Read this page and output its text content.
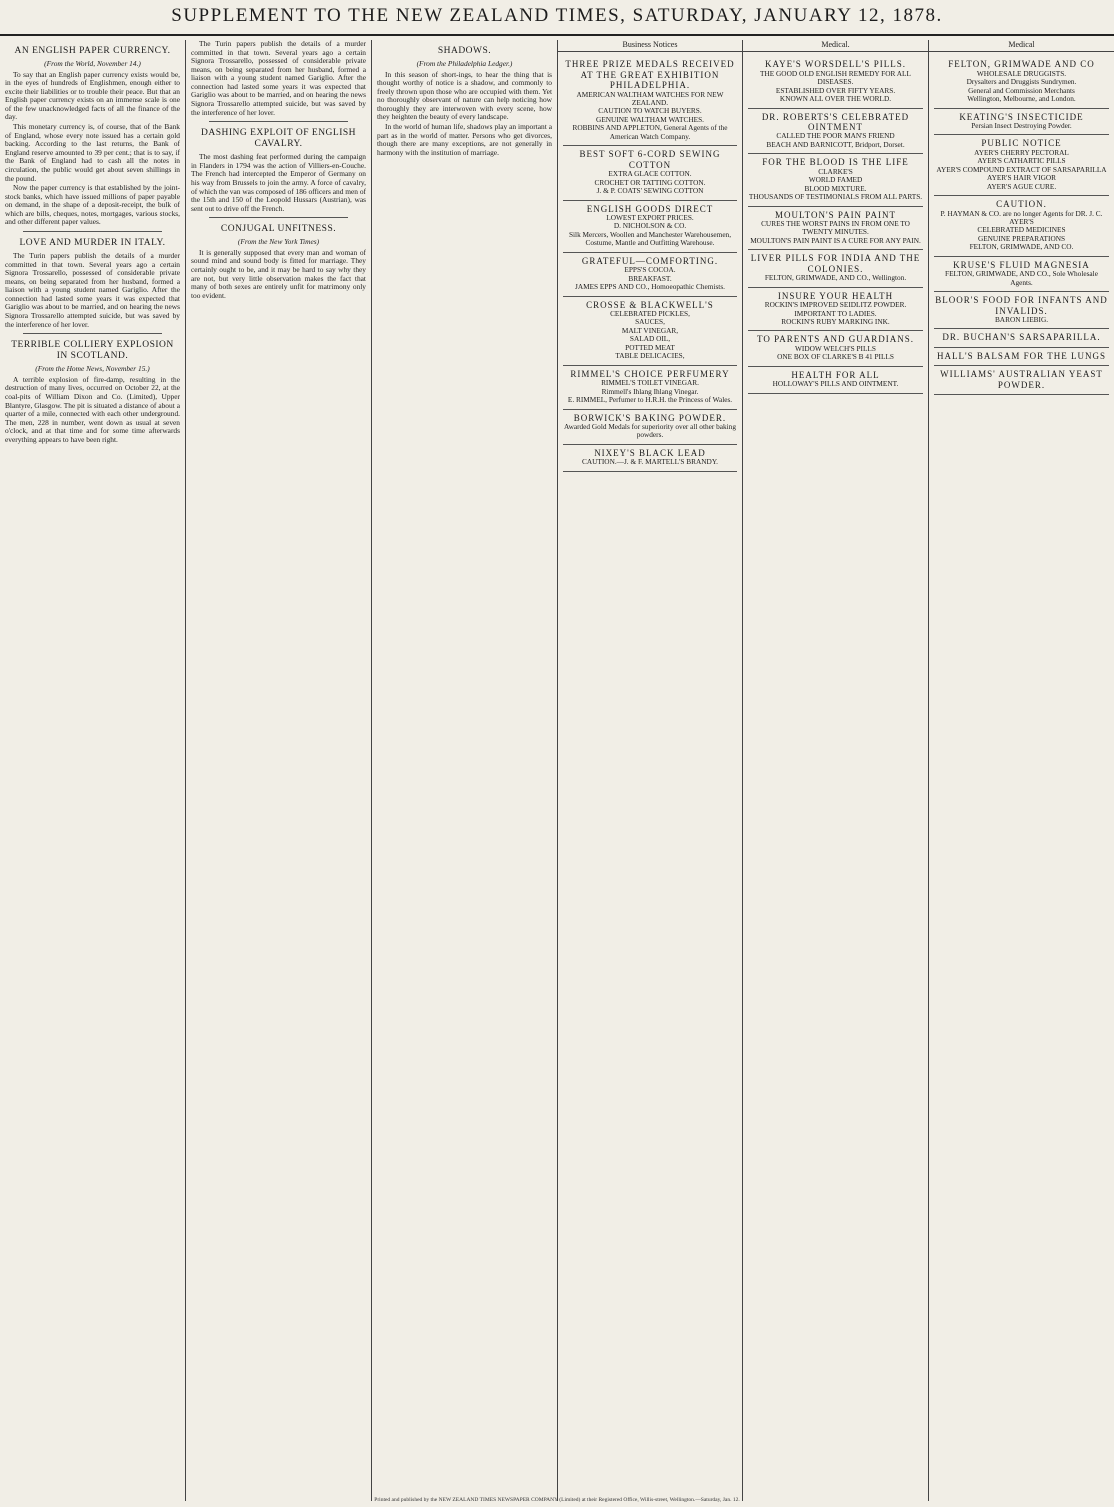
SUPPLEMENT TO THE NEW ZEALAND TIMES, SATURDAY, JANUARY 12, 1878.
AN ENGLISH PAPER CURRENCY.
(From the World, November 14.)

To say that an English paper currency exists would be, in the eyes of hundreds of Englishmen, enough either to excite their liabilities or to trouble their peace. But that an English paper currency exists on an immense scale is one of the few unacknowledged facts of all the finance of the day.

This monetary currency is, of course, that of the Bank of England, whose every note issued has a certain gold backing. According to the last returns, the Bank of England reserve amounted to 39 per cent.; that is to say, if the Bank of England had to cash all the notes in circulation, the public would get about seven shillings in the pound.

Now the paper currency is that established by the joint-stock banks, which have issued millions of paper payable on demand, in the shape of a deposit-receipt, the bulk of which are bills, cheques, notes, mortgages, various stocks, and other different paper values.

LOVE AND MURDER IN ITALY.

The Turin papers publish the details of a murder committed in that town. Several years ago a certain Signora Trossarello, possessed of considerable private means, on being separated from her husband, formed a liaison with a young student named Gariglio. After the connection had lasted some years it was expected that Gariglio was about to be married, and on hearing the news Signora Trossarello attempted suicide, but was saved by the interference of her lover.

TERRIBLE COLLIERY EXPLOSION IN SCOTLAND.
(From the Home News, November 15.)

A terrible explosion of fire-damp, resulting in the destruction of many lives, occurred on October 22, at the coal-pits of William Dixon and Co. (Limited), Upper Blantyre, Glasgow. The pit is situated a distance of about a quarter of a mile, connected with each other underground. The men, 228 in number, went down as usual at seven o'clock, and at that time and for some time afterwards everything appears to have been right.

The Turin papers publish the details of a murder committed in that town. Several years ago a certain Signora Trossarello, possessed of considerable private means, on being separated from her husband, formed a liaison with a young student named Gariglio. After the connection had lasted some years it was expected that Gariglio was about to be married, and on hearing the news Signora Trossarello attempted suicide, but was saved by the interference of her lover.

DASHING EXPLOIT OF ENGLISH CAVALRY.

The most dashing feat performed during the campaign in Flanders in 1794 was the action of Villiers-en-Couche. The French had intercepted the Emperor of Germany on his way from Brussels to join the army. A force of cavalry, of which the van was composed of 186 officers and men of the 15th and 150 of the Leopold Hussars (Austrian), was sent out to drive off the French.

CONJUGAL UNFITNESS.
(From the New York Times)

It is generally supposed that every man and woman of sound mind and sound body is fitted for marriage. They certainly ought to be, and it may be hard to say why they are not, but very little observation makes the fact that many of both sexes are entirely unfit for matrimony only too evident.

SHADOWS.
(From the Philadelphia Ledger.)

In this season of short-ings, to hear the thing that is thought worthy of notice is a shadow, and commonly to freely thrown upon those who are occupied with them. Yet no thoroughly observant of nature can help noticing how thoroughly they are interwoven with every scene, how they heighten the beauty of every landscape.

In the world of human life, shadows play an important a part as in the world of matter. Persons who get divorces, though there are many exceptions, are not generally in harmony with the institution of marriage.

Business Notices
THREE PRIZE MEDALS RECEIVED AT THE GREAT EXHIBITION PHILADELPHIA.
AMERICAN WALTHAM WATCHES FOR NEW ZEALAND.
CAUTION TO WATCH BUYERS.
GENUINE WALTHAM WATCHES.
ROBBINS AND APPLETON, General Agents of the American Watch Company.
BEST SOFT 6-CORD SEWING COTTON
EXTRA GLACE COTTON.
CROCHET OR TATTING COTTON.
J. & P. COATS' SEWING COTTON
ENGLISH GOODS DIRECT
LOWEST EXPORT PRICES.
D. NICHOLSON & CO.
Silk Mercers, Woollen and Manchester Warehousemen, Costume, Mantle and Outfitting Warehouse.
GRATEFUL—COMFORTING.
EPPS'S COCOA.
BREAKFAST.
JAMES EPPS AND CO., Homoeopathic Chemists.
CROSSE & BLACKWELL'S
CELEBRATED PICKLES,
SAUCES,
MALT VINEGAR,
SALAD OIL,
POTTED MEAT
TABLE DELICACIES,
RIMMEL'S CHOICE PERFUMERY
RIMMEL'S TOILET VINEGAR.
Rimmell's Ihlang Ihlang Vinegar.
E. RIMMEL, Perfumer to H.R.H. the Princess of Wales.
BORWICK'S BAKING POWDER.
Awarded Gold Medals for superiority over all other baking powders.
NIXEY'S BLACK LEAD
CAUTION.—J. & F. MARTELL'S BRANDY.
Medical.
KAYE'S WORSDELL'S PILLS.
THE GOOD OLD ENGLISH REMEDY FOR ALL DISEASES.
ESTABLISHED OVER FIFTY YEARS.
KNOWN ALL OVER THE WORLD.
DR. ROBERTS'S CELEBRATED OINTMENT
CALLED THE POOR MAN'S FRIEND
BEACH AND BARNICOTT, Bridport, Dorset.
FOR THE BLOOD IS THE LIFE
CLARKE'S
WORLD FAMED
BLOOD MIXTURE.
THOUSANDS OF TESTIMONIALS FROM ALL PARTS.
MOULTON'S PAIN PAINT
CURES THE WORST PAINS IN FROM ONE TO TWENTY MINUTES.
MOULTON'S PAIN PAINT IS A CURE FOR ANY PAIN.
LIVER PILLS FOR INDIA AND THE COLONIES.
FELTON, GRIMWADE, AND CO., Wellington.
INSURE YOUR HEALTH
ROCKIN'S IMPROVED SEIDLITZ POWDER.
IMPORTANT TO LADIES.
ROCKIN'S RUBY MARKING INK.
TO PARENTS AND GUARDIANS.
WIDOW WELCH'S PILLS
ONE BOX OF CLARKE'S B 41 PILLS
HEALTH FOR ALL
HOLLOWAY'S PILLS AND OINTMENT.
Medical
FELTON, GRIMWADE AND CO
WHOLESALE DRUGGISTS.
Drysalters and Druggists Sundrymen.
General and Commission Merchants
Wellington, Melbourne, and London.
KEATING'S INSECTICIDE
Persian Insect Destroying Powder.
PUBLIC NOTICE
AYER'S CHERRY PECTORAL
AYER'S CATHARTIC PILLS
AYER'S COMPOUND EXTRACT OF SARSAPARILLA
AYER'S HAIR VIGOR
AYER'S AGUE CURE.
CAUTION.
P. HAYMAN & CO. are no longer Agents for DR. J. C. AYER'S
CELEBRATED MEDICINES
GENUINE PREPARATIONS
FELTON, GRIMWADE, AND CO.
KRUSE'S FLUID MAGNESIA
FELTON, GRIMWADE, AND CO., Sole Wholesale Agents.
BLOOR'S FOOD FOR INFANTS AND INVALIDS.
BARON LIEBIG.
DR. BUCHAN'S SARSAPARILLA.
HALL'S BALSAM FOR THE LUNGS
WILLIAMS' AUSTRALIAN YEAST POWDER.
Printed and published by the NEW ZEALAND TIMES NEWSPAPER COMPANY (Limited) at their Registered Office, Willis-street, Wellington.—Saturday, Jan. 12.
